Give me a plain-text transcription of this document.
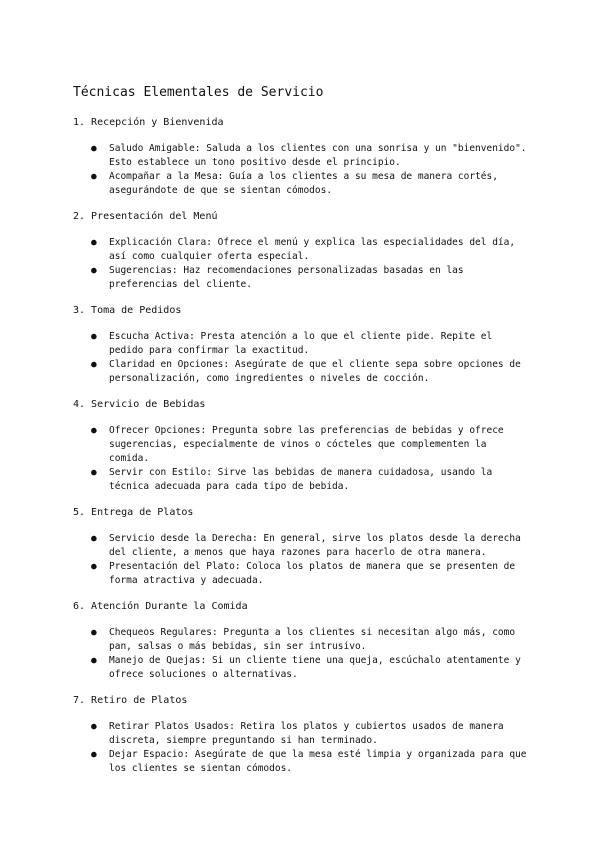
Técnicas Elementales de Servicio
1. Recepción y Bienvenida
● Saludo Amigable: Saluda a los clientes con una sonrisa y un "bienvenido". Esto establece un tono positivo desde el principio.
● Acompañar a la Mesa: Guía a los clientes a su mesa de manera cortés, asegurándote de que se sientan cómodos.
2. Presentación del Menú
● Explicación Clara: Ofrece el menú y explica las especialidades del día, así como cualquier oferta especial.
● Sugerencias: Haz recomendaciones personalizadas basadas en las preferencias del cliente.
3. Toma de Pedidos
● Escucha Activa: Presta atención a lo que el cliente pide. Repite el pedido para confirmar la exactitud.
● Claridad en Opciones: Asegúrate de que el cliente sepa sobre opciones de personalización, como ingredientes o niveles de cocción.
4. Servicio de Bebidas
● Ofrecer Opciones: Pregunta sobre las preferencias de bebidas y ofrece sugerencias, especialmente de vinos o cócteles que complementen la comida.
● Servir con Estilo: Sirve las bebidas de manera cuidadosa, usando la técnica adecuada para cada tipo de bebida.
5. Entrega de Platos
● Servicio desde la Derecha: En general, sirve los platos desde la derecha del cliente, a menos que haya razones para hacerlo de otra manera.
● Presentación del Plato: Coloca los platos de manera que se presenten de forma atractiva y adecuada.
6. Atención Durante la Comida
● Chequeos Regulares: Pregunta a los clientes si necesitan algo más, como pan, salsas o más bebidas, sin ser intrusivo.
● Manejo de Quejas: Si un cliente tiene una queja, escúchalo atentamente y ofrece soluciones o alternativas.
7. Retiro de Platos
● Retirar Platos Usados: Retira los platos y cubiertos usados de manera discreta, siempre preguntando si han terminado.
● Dejar Espacio: Asegúrate de que la mesa esté limpia y organizada para que los clientes se sientan cómodos.
